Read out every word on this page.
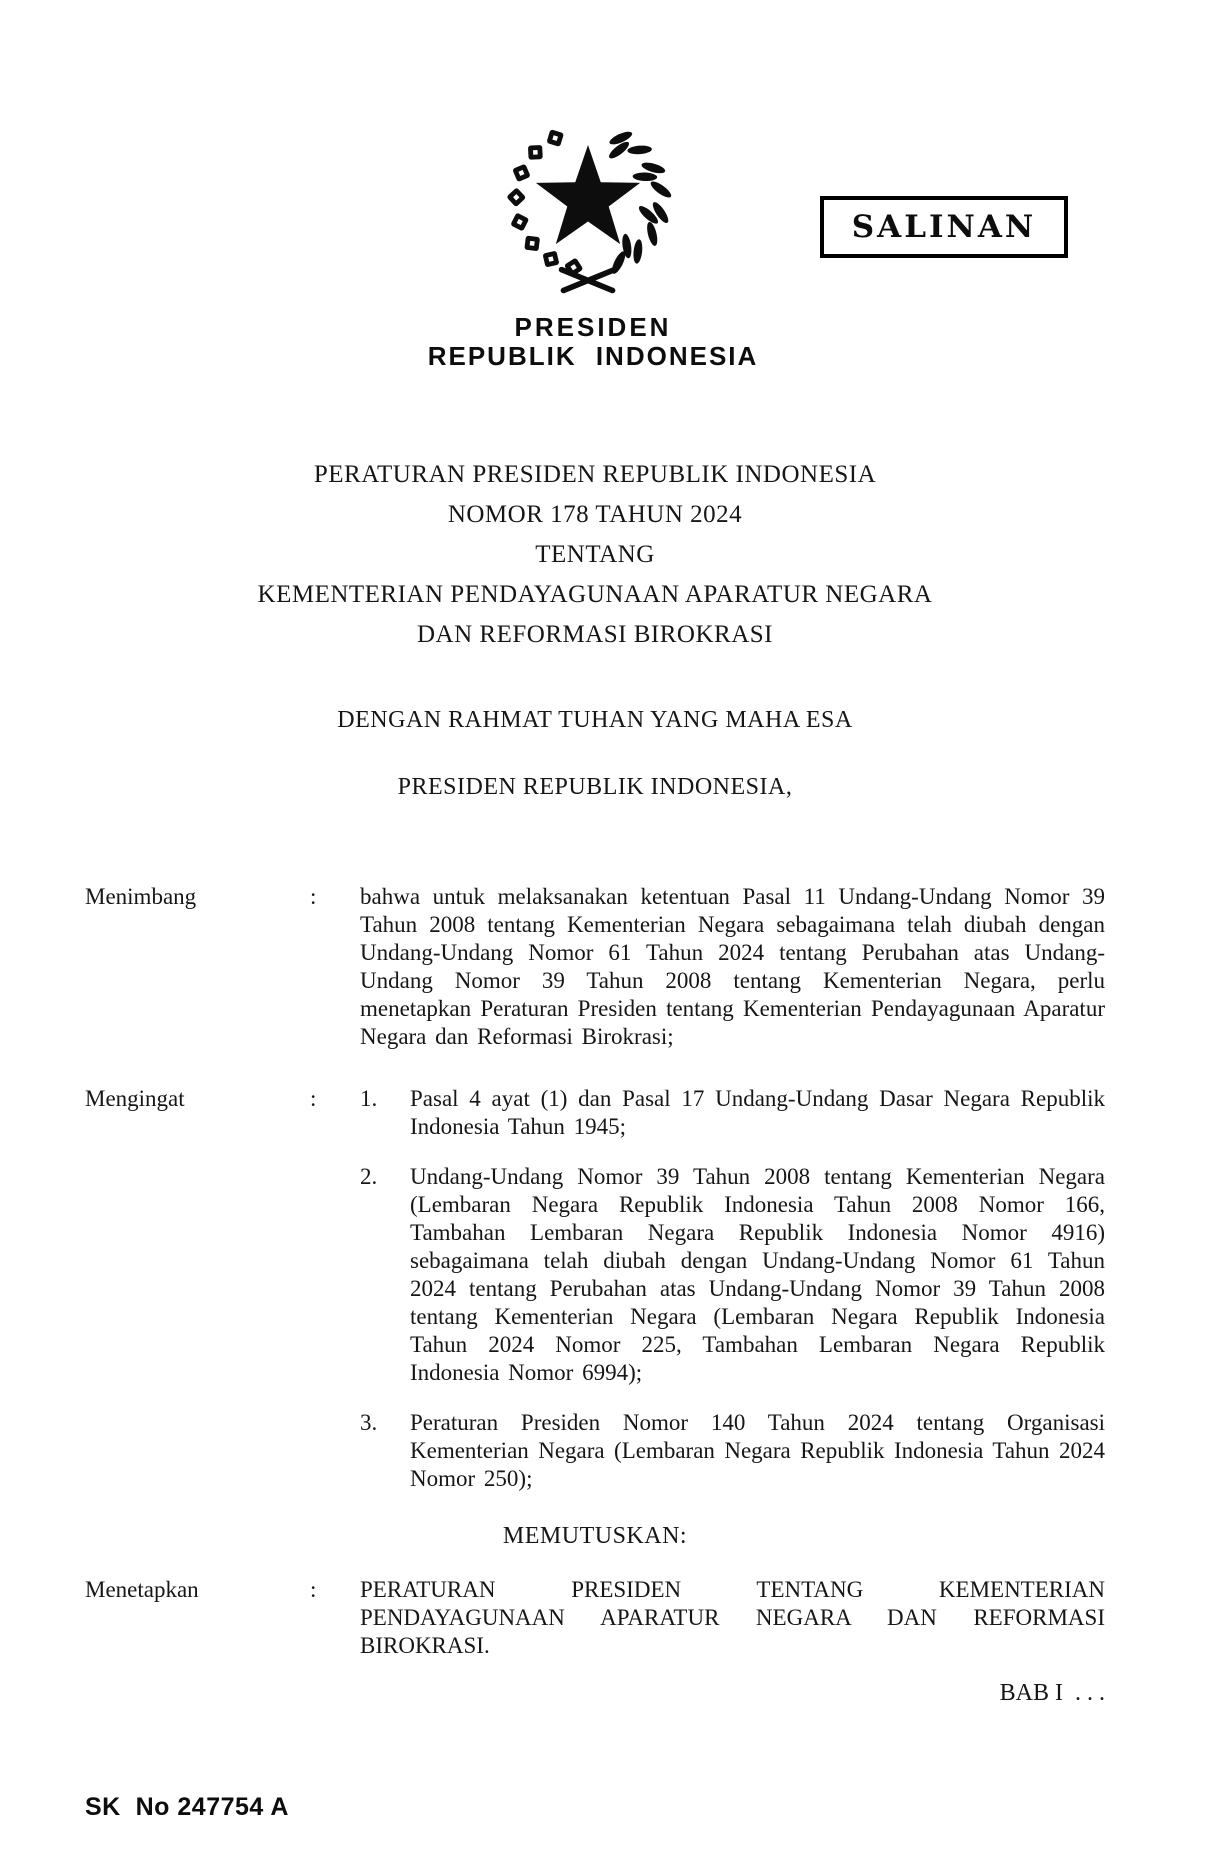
SALINAN
PRESIDEN
REPUBLIK INDONESIA
PERATURAN PRESIDEN REPUBLIK INDONESIA
NOMOR 178 TAHUN 2024
TENTANG
KEMENTERIAN PENDAYAGUNAAN APARATUR NEGARA
DAN REFORMASI BIROKRASI
DENGAN RAHMAT TUHAN YANG MAHA ESA
PRESIDEN REPUBLIK INDONESIA,
Menimbang	:	bahwa untuk melaksanakan ketentuan Pasal 11 Undang-Undang Nomor 39 Tahun 2008 tentang Kementerian Negara sebagaimana telah diubah dengan Undang-Undang Nomor 61 Tahun 2024 tentang Perubahan atas Undang-Undang Nomor 39 Tahun 2008 tentang Kementerian Negara, perlu menetapkan Peraturan Presiden tentang Kementerian Pendayagunaan Aparatur Negara dan Reformasi Birokrasi;
Mengingat	:	1.	Pasal 4 ayat (1) dan Pasal 17 Undang-Undang Dasar Negara Republik Indonesia Tahun 1945;
2.	Undang-Undang Nomor 39 Tahun 2008 tentang Kementerian Negara (Lembaran Negara Republik Indonesia Tahun 2008 Nomor 166, Tambahan Lembaran Negara Republik Indonesia Nomor 4916) sebagaimana telah diubah dengan Undang-Undang Nomor 61 Tahun 2024 tentang Perubahan atas Undang-Undang Nomor 39 Tahun 2008 tentang Kementerian Negara (Lembaran Negara Republik Indonesia Tahun 2024 Nomor 225, Tambahan Lembaran Negara Republik Indonesia Nomor 6994);
3.	Peraturan Presiden Nomor 140 Tahun 2024 tentang Organisasi Kementerian Negara (Lembaran Negara Republik Indonesia Tahun 2024 Nomor 250);
MEMUTUSKAN:
Menetapkan	:	PERATURAN PRESIDEN TENTANG KEMENTERIAN PENDAYAGUNAAN APARATUR NEGARA DAN REFORMASI BIROKRASI.
BAB I  . . .
SK  No 247754 A
